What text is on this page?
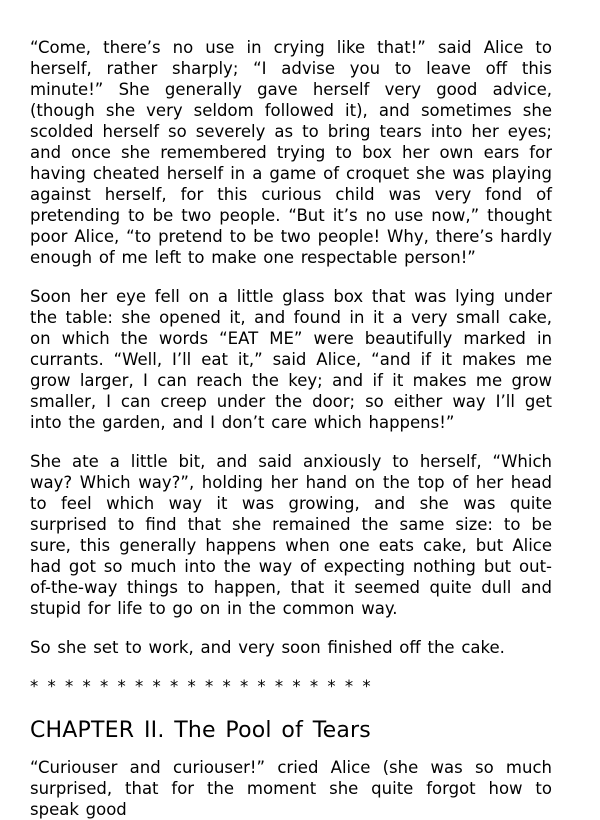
“Come, there’s no use in crying like that!” said Alice to herself, rather sharply; “I advise you to leave off this minute!” She generally gave herself very good advice, (though she very seldom followed it), and sometimes she scolded herself so severely as to bring tears into her eyes; and once she remembered trying to box her own ears for having cheated herself in a game of croquet she was playing against herself, for this curious child was very fond of pretending to be two people. “But it’s no use now,” thought poor Alice, “to pretend to be two people! Why, there’s hardly enough of me left to make one respectable person!”

Soon her eye fell on a little glass box that was lying under the table: she opened it, and found in it a very small cake, on which the words “EAT ME” were beautifully marked in currants. “Well, I’ll eat it,” said Alice, “and if it makes me grow larger, I can reach the key; and if it makes me grow smaller, I can creep under the door; so either way I’ll get into the garden, and I don’t care which happens!”

She ate a little bit, and said anxiously to herself, “Which way? Which way?”, holding her hand on the top of her head to feel which way it was growing, and she was quite surprised to find that she remained the same size: to be sure, this generally happens when one eats cake, but Alice had got so much into the way of expecting nothing but out-of-the-way things to happen, that it seemed quite dull and stupid for life to go on in the common way.

So she set to work, and very soon finished off the cake.

* * * * * * * * * * * * * * * * * * * *

CHAPTER II. The Pool of Tears

“Curiouser and curiouser!” cried Alice (she was so much surprised, that for the moment she quite forgot how to speak good
